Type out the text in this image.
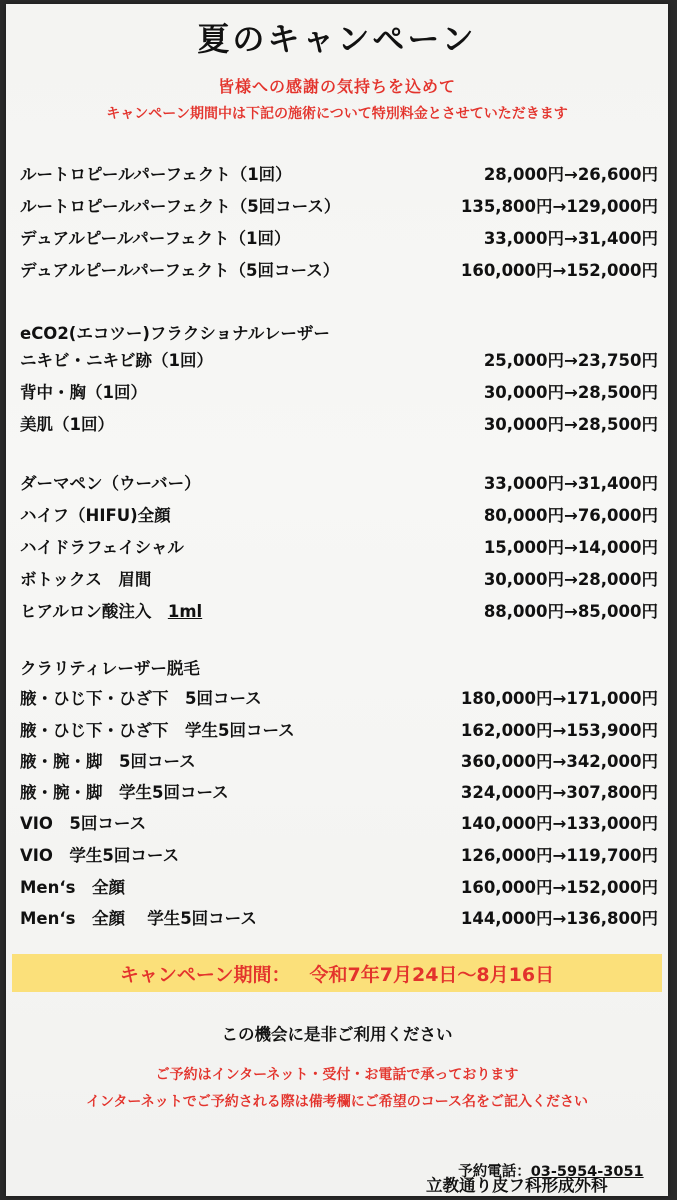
夏のキャンペーン
皆様への感謝の気持ちを込めて
キャンペーン期間中は下記の施術について特別料金とさせていただきます
ルートロピールパーフェクト（1回）	28,000円→26,600円
ルートロピールパーフェクト（5回コース）	135,800円→129,000円
デュアルピールパーフェクト（1回）	33,000円→31,400円
デュアルピールパーフェクト（5回コース）	160,000円→152,000円
eCO2(エコツー)フラクショナルレーザー
ニキビ・ニキビ跡（1回）	25,000円→23,750円
背中・胸（1回）	30,000円→28,500円
美肌（1回）	30,000円→28,500円
ダーマペン（ウーバー）	33,000円→31,400円
ハイフ（HIFU)全顔	80,000円→76,000円
ハイドラフェイシャル	15,000円→14,000円
ボトックス　眉間	30,000円→28,000円
ヒアルロン酸注入　1ml	88,000円→85,000円
クラリティレーザー脱毛
腋・ひじ下・ひざ下　5回コース	180,000円→171,000円
腋・ひじ下・ひざ下　学生5回コース	162,000円→153,900円
腋・腕・脚　5回コース	360,000円→342,000円
腋・腕・脚　学生5回コース	324,000円→307,800円
VIO　5回コース	140,000円→133,000円
VIO　学生5回コース	126,000円→119,700円
Men‘s　全顔	160,000円→152,000円
Men‘s　全顔　 学生5回コース	144,000円→136,800円
キャンペーン期間：
　 令和7年7月24日～8月16日
この機会に是非ご利用ください
ご予約はインターネット・受付・お電話で承っております
インターネットでご予約される際は備考欄にご希望のコース名をご記入ください

予約電話：03-5954-3051

立教通り皮フ科形成外科
